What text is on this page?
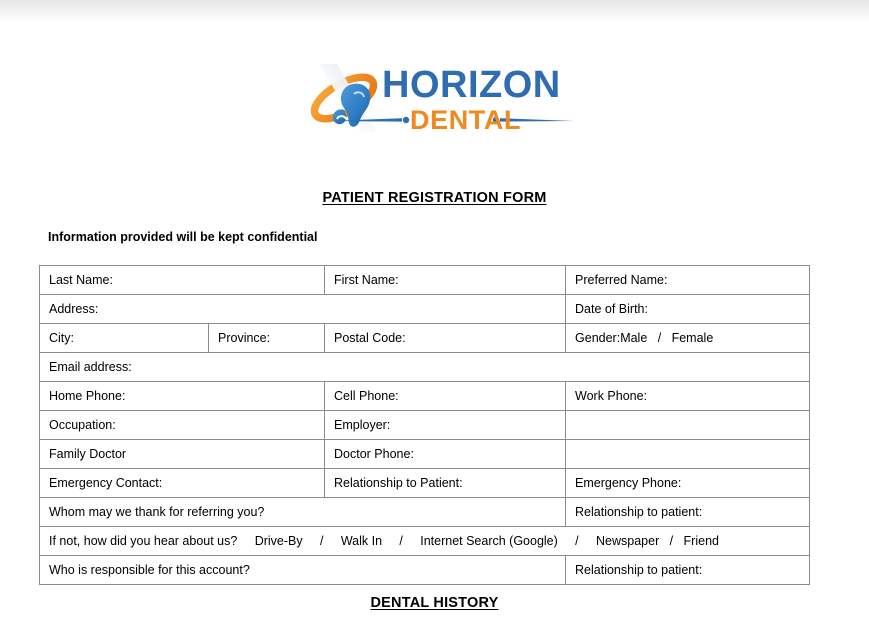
HORIZON
DENTAL
PATIENT REGISTRATION FORM
Information provided will be kept confidential
Last Name:		First Name:	Preferred Name:
Address:			Date of Birth:
City:	Province:	Postal Code:	Gender:Male   /   Female
Email address:			
Home Phone:		Cell Phone:	Work Phone:
Occupation:		Employer:	
Family Doctor		Doctor Phone:	
Emergency Contact:		Relationship to Patient:	Emergency Phone:
Whom may we thank for referring you?			Relationship to patient:
If not, how did you hear about us?     Drive-By     /     Walk In     /     Internet Search (Google)     /     Newspaper   /   Friend			
Who is responsible for this account?			Relationship to patient:
DENTAL HISTORY
